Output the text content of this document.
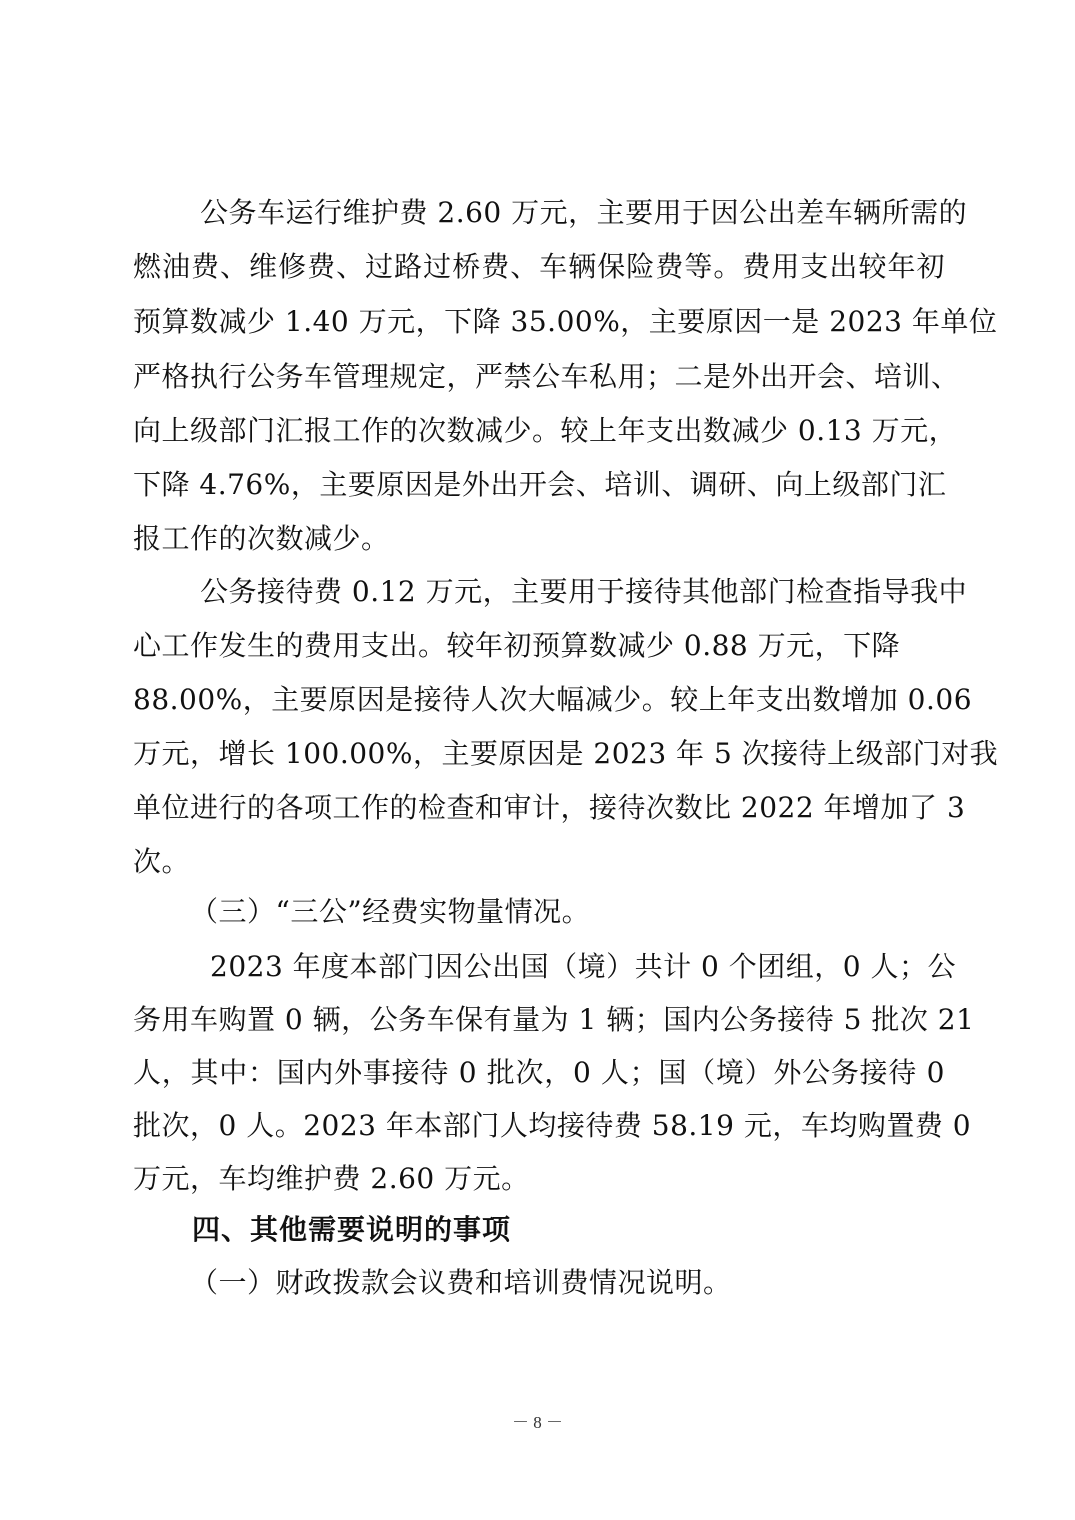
公务车运行维护费 2.60 万元，主要用于因公出差车辆所需的
燃油费、维修费、过路过桥费、车辆保险费等。费用支出较年初
预算数减少 1.40 万元，下降 35.00%，主要原因一是 2023 年单位
严格执行公务车管理规定，严禁公车私用；二是外出开会、培训、
向上级部门汇报工作的次数减少。较上年支出数减少 0.13 万元，
下降 4.76%，主要原因是外出开会、培训、调研、向上级部门汇
报工作的次数减少。
公务接待费 0.12 万元，主要用于接待其他部门检查指导我中
心工作发生的费用支出。较年初预算数减少 0.88 万元，下降
88.00%，主要原因是接待人次大幅减少。较上年支出数增加 0.06
万元，增长 100.00%，主要原因是 2023 年 5 次接待上级部门对我
单位进行的各项工作的检查和审计，接待次数比 2022 年增加了 3
次。
（三）“三公”经费实物量情况。
2023 年度本部门因公出国（境）共计 0 个团组，0 人；公
务用车购置 0 辆，公务车保有量为 1 辆；国内公务接待 5 批次 21
人，其中：国内外事接待 0 批次，0 人；国（境）外公务接待 0
批次，0 人。2023 年本部门人均接待费 58.19 元，车均购置费 0
万元，车均维护费 2.60 万元。
四、其他需要说明的事项
（一）财政拨款会议费和培训费情况说明。
－ 8 －
